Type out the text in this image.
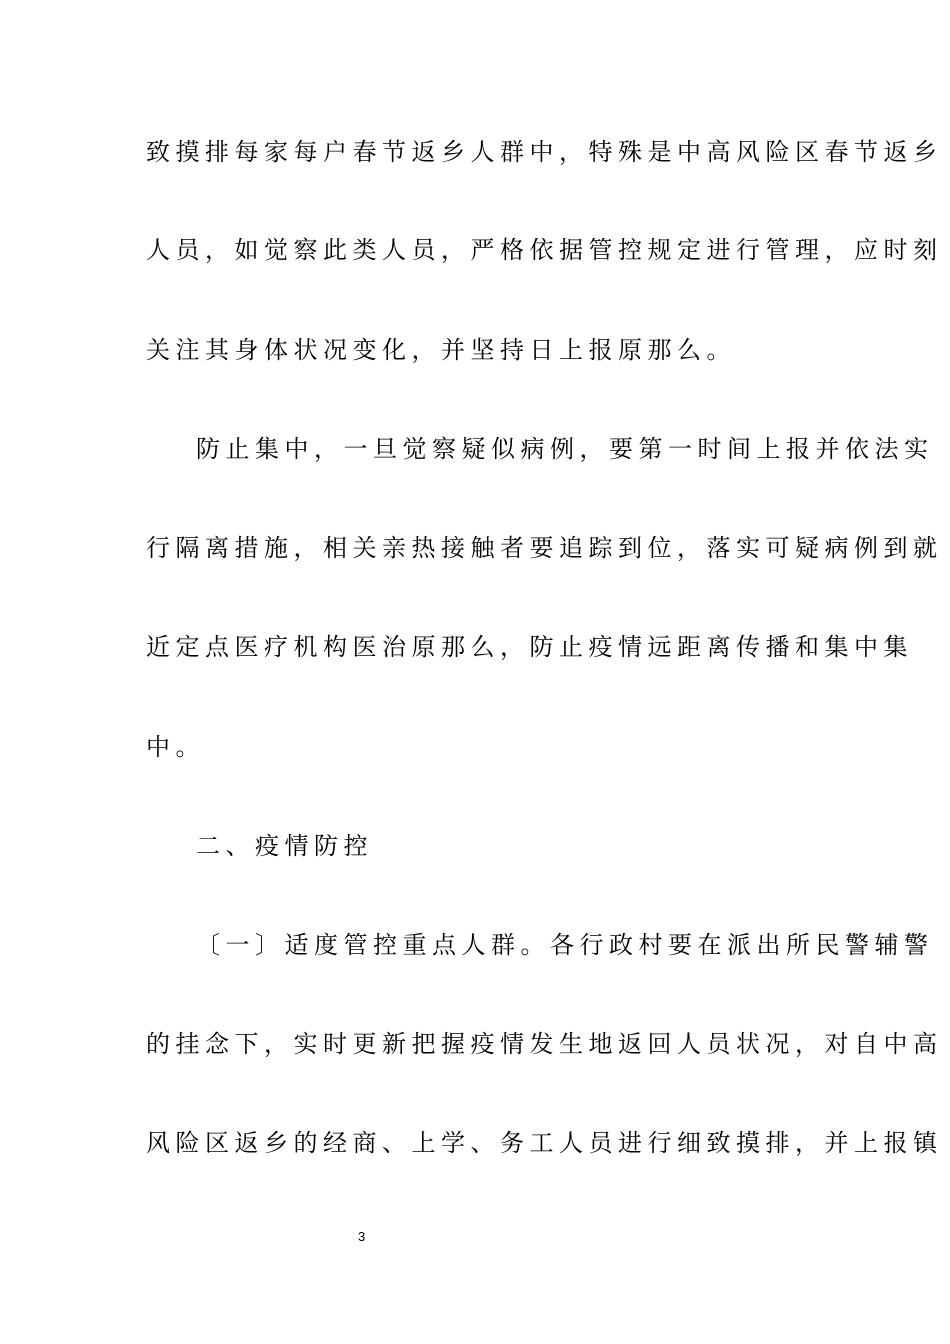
致摸排每家每户春节返乡人群中，特殊是中高风险区春节返乡
人员，如觉察此类人员，严格依据管控规定进行管理，应时刻
关注其身体状况变化，并坚持日上报原那么。
防止集中，一旦觉察疑似病例，要第一时间上报并依法实
行隔离措施，相关亲热接触者要追踪到位，落实可疑病例到就
近定点医疗机构医治原那么，防止疫情远距离传播和集中集
中。
二、疫情防控
〔一〕适度管控重点人群。各行政村要在派出所民警辅警
的挂念下，实时更新把握疫情发生地返回人员状况，对自中高
风险区返乡的经商、上学、务工人员进行细致摸排，并上报镇
3
